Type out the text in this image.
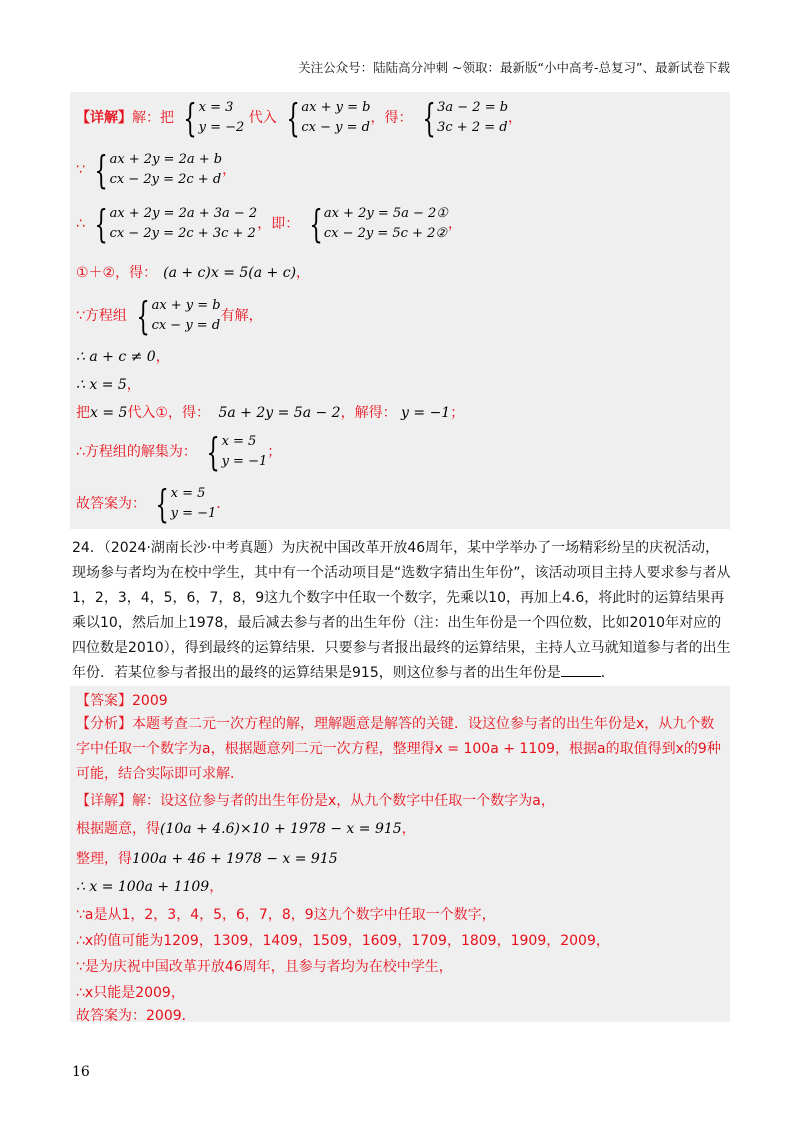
关注公众号：陆陆高分冲刺 ~领取：最新版“小中高考-总复习”、最新试卷下载
【详解】解：把 { x = 3
y = −2
代入 { ax + y = b
cx − y = d
，得： { 3a − 2 = b
3c + 2 = d
，
∵ { ax + 2y = 2a + b
cx − 2y = 2c + d
，
∴ { ax + 2y = 2a + 3a − 2
cx − 2y = 2c + 3c + 2
，即： { ax + 2y = 5a − 2①
cx − 2y = 5c + 2②
，
①＋②，得： (a + c)x = 5(a + c)，
∵方程组 { ax + y = b
cx − y = d
有解，
∴ a + c ≠ 0，
∴ x = 5，
把x = 5代入①，得： 5a + 2y = 5a − 2，解得： y = −1；
∴方程组的解集为： { x = 5
y = −1
；
故答案为： { x = 5
y = −1
．
24．（2024·湖南长沙·中考真题）为庆祝中国改革开放46周年，某中学举办了一场精彩纷呈的庆祝活动，现场参与者均为在校中学生，其中有一个活动项目是“选数字猜出生年份”，该活动项目主持人要求参与者从1，2，3，4，5，6，7，8，9这九个数字中任取一个数字，先乘以10，再加上4.6，将此时的运算结果再乘以10，然后加上1978，最后减去参与者的出生年份（注：出生年份是一个四位数，比如2010年对应的四位数是2010），得到最终的运算结果．只要参与者报出最终的运算结果，主持人立马就知道参与者的出生年份．若某位参与者报出的最终的运算结果是915，则这位参与者的出生年份是	．
【答案】2009
【分析】本题考查二元一次方程的解，理解题意是解答的关键．设这位参与者的出生年份是x，从九个数字中任取一个数字为a，根据题意列二元一次方程，整理得x = 100a + 1109，根据a的取值得到x的9种可能，结合实际即可求解．
【详解】解：设这位参与者的出生年份是x，从九个数字中任取一个数字为a，
根据题意，得(10a + 4.6)×10 + 1978 − x = 915，
整理，得100a + 46 + 1978 − x = 915
∴ x = 100a + 1109，
∵a是从1，2，3，4，5，6，7，8，9这九个数字中任取一个数字，
∴x的值可能为1209，1309，1409，1509，1609，1709，1809，1909，2009，
∵是为庆祝中国改革开放46周年，且参与者均为在校中学生，
∴x只能是2009，
故答案为：2009．
16
